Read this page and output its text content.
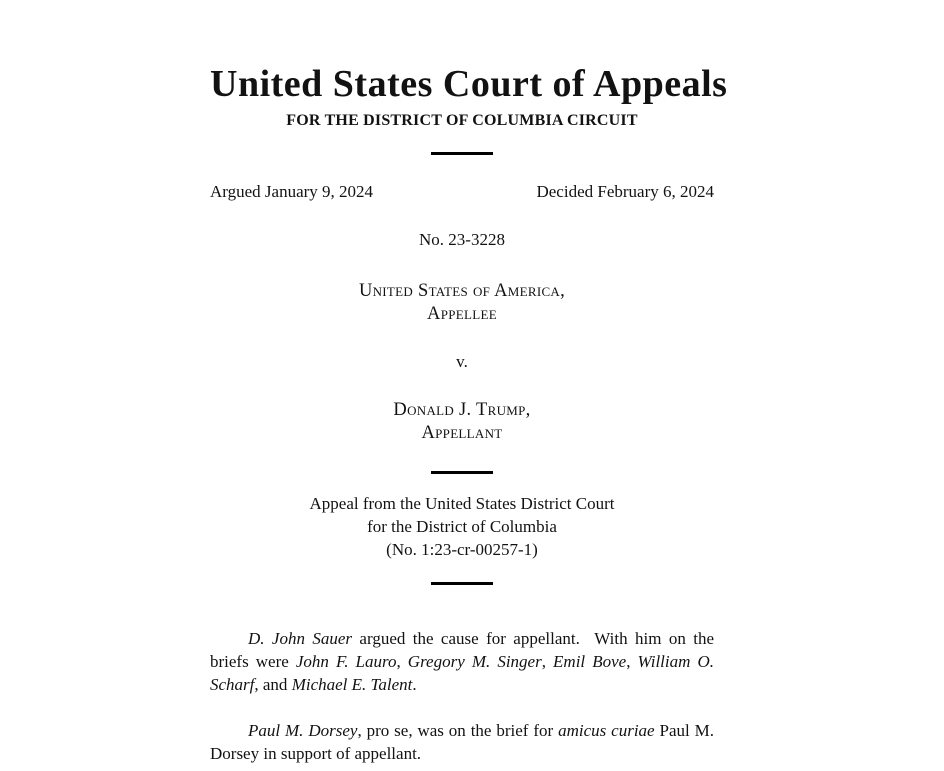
United States Court of Appeals
FOR THE DISTRICT OF COLUMBIA CIRCUIT
Argued January 9, 2024	Decided February 6, 2024
No. 23-3228
United States of America,
Appellee
v.
Donald J. Trump,
Appellant
Appeal from the United States District Court
for the District of Columbia
(No. 1:23-cr-00257-1)

D. John Sauer argued the cause for appellant.  With him on the briefs were John F. Lauro, Gregory M. Singer, Emil Bove, William O. Scharf, and Michael E. Talent.

Paul M. Dorsey, pro se, was on the brief for amicus curiae Paul M. Dorsey in support of appellant.
